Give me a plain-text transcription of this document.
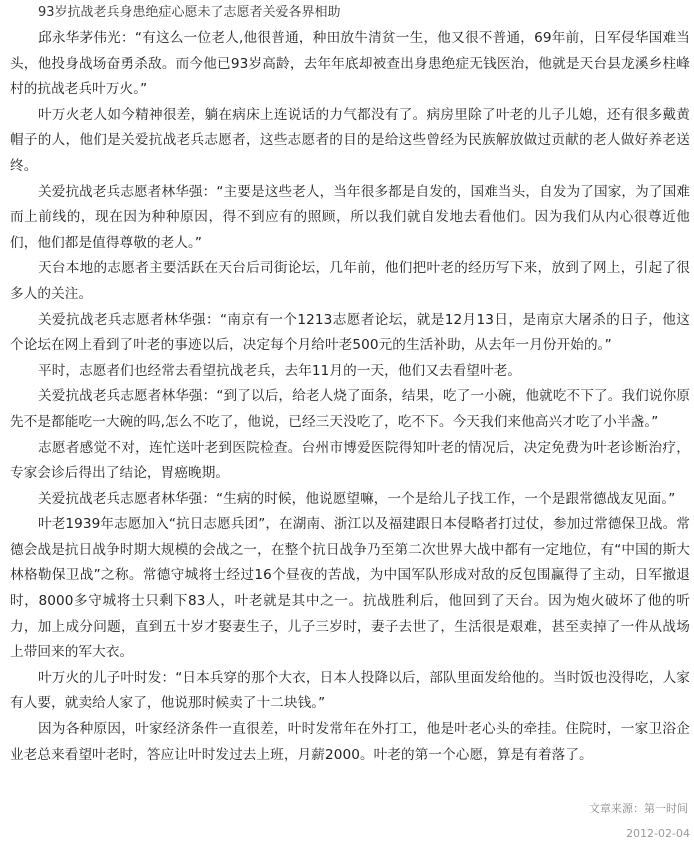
93岁抗战老兵身患绝症心愿未了志愿者关爱各界相助

邱永华茅伟光：“有这么一位老人,他很普通，种田放牛清贫一生，他又很不普通，69年前，日军侵华国难当头，他投身战场奋勇杀敌。而今他已93岁高龄，去年年底却被查出身患绝症无钱医治，他就是天台县龙溪乡柱峰村的抗战老兵叶万火。”

叶万火老人如今精神很差，躺在病床上连说话的力气都没有了。病房里除了叶老的儿子儿媳，还有很多戴黄帽子的人，他们是关爱抗战老兵志愿者，这些志愿者的目的是给这些曾经为民族解放做过贡献的老人做好养老送终。

关爱抗战老兵志愿者林华强：“主要是这些老人，当年很多都是自发的，国难当头，自发为了国家，为了国难而上前线的，现在因为种种原因，得不到应有的照顾，所以我们就自发地去看他们。因为我们从内心很尊近他们，他们都是值得尊敬的老人。”

天台本地的志愿者主要活跃在天台后司街论坛，几年前，他们把叶老的经历写下来，放到了网上，引起了很多人的关注。

关爱抗战老兵志愿者林华强：“南京有一个1213志愿者论坛，就是12月13日，是南京大屠杀的日子，他这个论坛在网上看到了叶老的事迹以后，决定每个月给叶老500元的生活补助，从去年一月份开始的。”

平时，志愿者们也经常去看望抗战老兵，去年11月的一天，他们又去看望叶老。

关爱抗战老兵志愿者林华强：“到了以后，给老人烧了面条，结果，吃了一小碗，他就吃不下了。我们说你原先不是都能吃一大碗的吗,怎么不吃了，他说，已经三天没吃了，吃不下。今天我们来他高兴才吃了小半盏。”

志愿者感觉不对，连忙送叶老到医院检查。台州市博爱医院得知叶老的情况后，决定免费为叶老诊断治疗，专家会诊后得出了结论，胃癌晚期。

关爱抗战老兵志愿者林华强：“生病的时候，他说愿望嘛，一个是给儿子找工作，一个是跟常德战友见面。”

叶老1939年志愿加入“抗日志愿兵团”，在湖南、浙江以及福建跟日本侵略者打过仗，参加过常德保卫战。常德会战是抗日战争时期大规模的会战之一，在整个抗日战争乃至第二次世界大战中都有一定地位，有“中国的斯大林格勒保卫战”之称。常德守城将士经过16个昼夜的苦战，为中国军队形成对敌的反包围赢得了主动，日军撤退时，8000多守城将士只剩下83人，叶老就是其中之一。抗战胜利后，他回到了天台。因为炮火破坏了他的听力，加上成分问题，直到五十岁才娶妻生子，儿子三岁时，妻子去世了，生活很是艰难，甚至卖掉了一件从战场上带回来的军大衣。

叶万火的儿子叶时发：“日本兵穿的那个大衣，日本人投降以后，部队里面发给他的。当时饭也没得吃，人家有人要，就卖给人家了，他说那时候卖了十二块钱。”

因为各种原因，叶家经济条件一直很差，叶时发常年在外打工，他是叶老心头的牵挂。住院时，一家卫浴企业老总来看望叶老时，答应让叶时发过去上班，月薪2000。叶老的第一个心愿，算是有着落了。

文章来源：第一时间
2012-02-04
